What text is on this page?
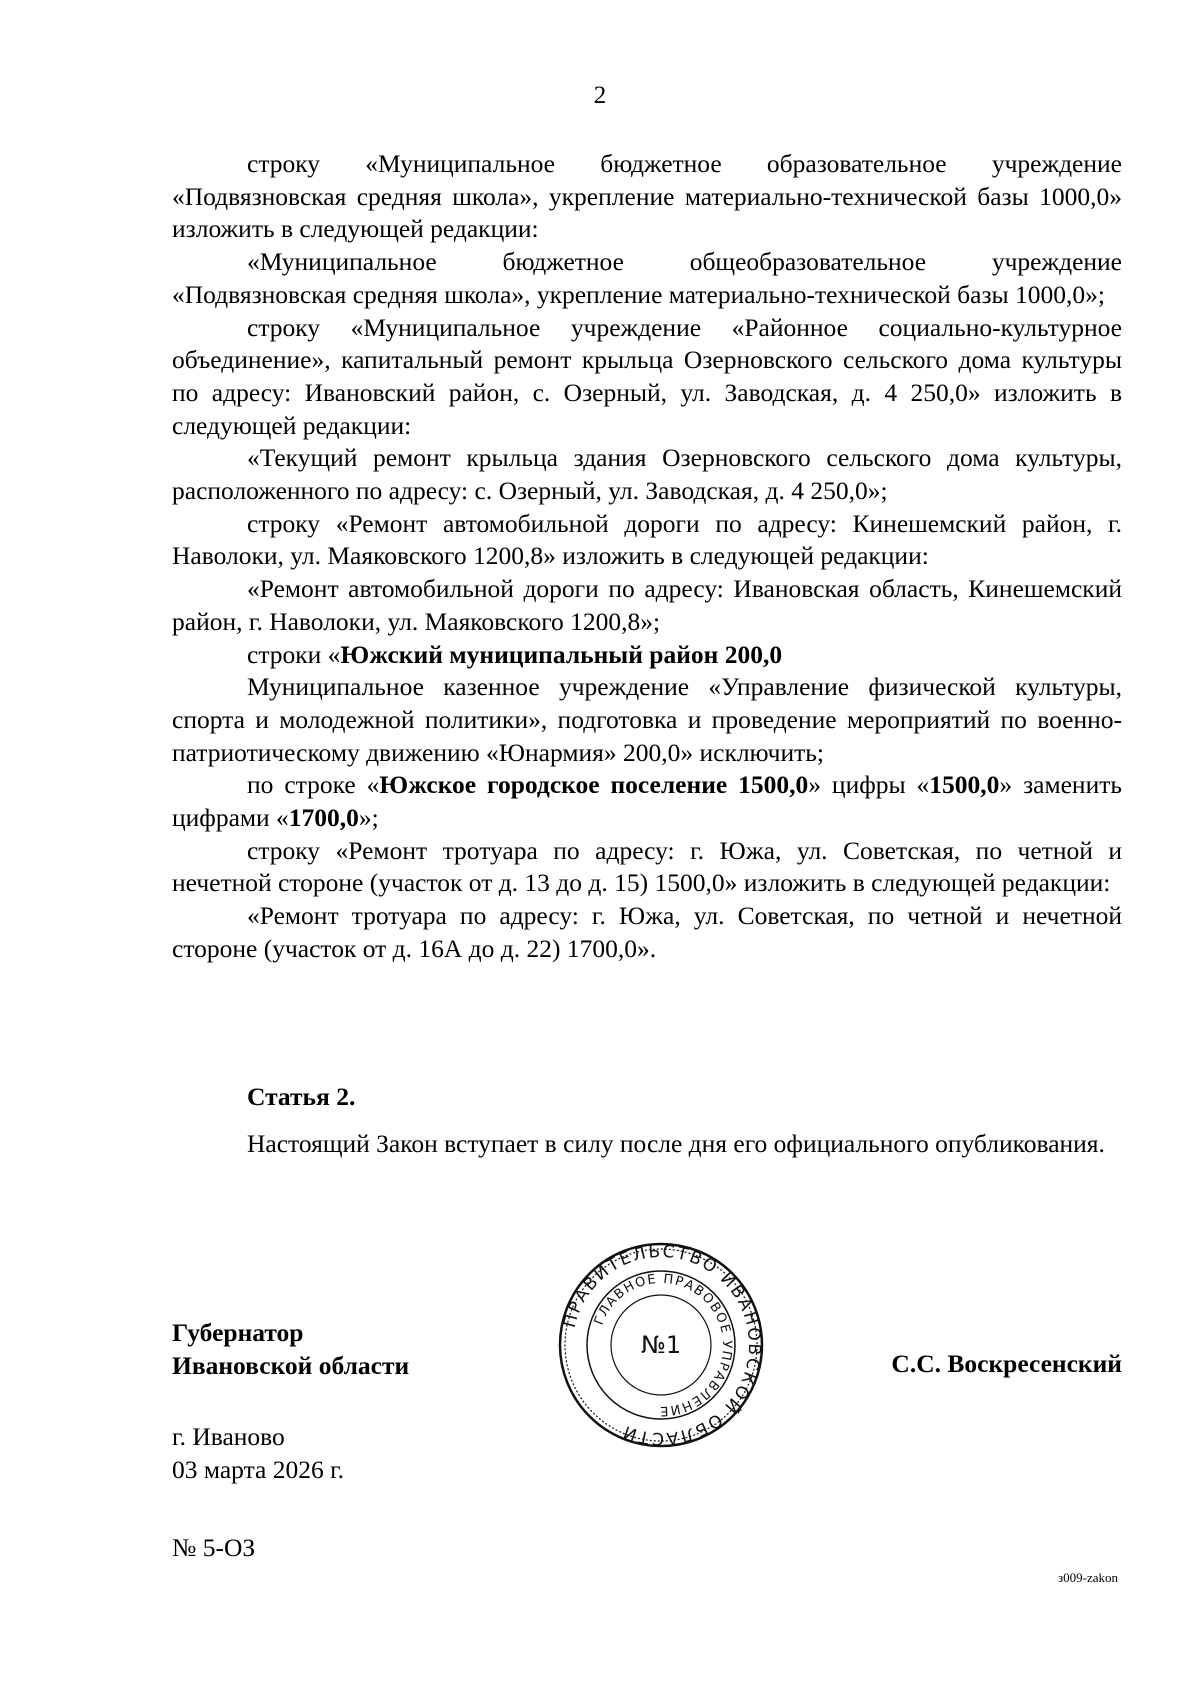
2

строку «Муниципальное бюджетное образовательное учреждение «Подвязновская средняя школа», укрепление материально-технической базы 1000,0» изложить в следующей редакции:

«Муниципальное бюджетное общеобразовательное учреждение «Подвязновская средняя школа», укрепление материально-технической базы 1000,0»;

строку «Муниципальное учреждение «Районное социально-культурное объединение», капитальный ремонт крыльца Озерновского сельского дома культуры по адресу: Ивановский район, с. Озерный, ул. Заводская, д. 4 250,0» изложить в следующей редакции:

«Текущий ремонт крыльца здания Озерновского сельского дома культуры, расположенного по адресу: с. Озерный, ул. Заводская, д. 4 250,0»;

строку «Ремонт автомобильной дороги по адресу: Кинешемский район, г. Наволоки, ул. Маяковского 1200,8» изложить в следующей редакции:

«Ремонт автомобильной дороги по адресу: Ивановская область, Кинешемский район, г. Наволоки, ул. Маяковского 1200,8»;

строки «Южский муниципальный район 200,0

Муниципальное казенное учреждение «Управление физической культуры, спорта и молодежной политики», подготовка и проведение мероприятий по военно-патриотическому движению «Юнармия» 200,0» исключить;

по строке «Южское городское поселение 1500,0» цифры «1500,0» заменить цифрами «1700,0»;

строку «Ремонт тротуара по адресу: г. Южа, ул. Советская, по четной и нечетной стороне (участок от д. 13 до д. 15) 1500,0» изложить в следующей редакции:

«Ремонт тротуара по адресу: г. Южа, ул. Советская, по четной и нечетной стороне (участок от д. 16А до д. 22) 1700,0».

Статья 2.

Настоящий Закон вступает в силу после дня его официального опубликования.

Губернатор
Ивановской области
ПРАВИТЕЛЬСТВО ИВАНОВСКОЙ ОБЛАСТИ
ГЛАВНОЕ ПРАВОВОЕ УПРАВЛЕНИЕ
№1

С.С. Воскресенский

г. Иваново
03 марта 2026 г.

№ 5-ОЗ

з009-zakon
